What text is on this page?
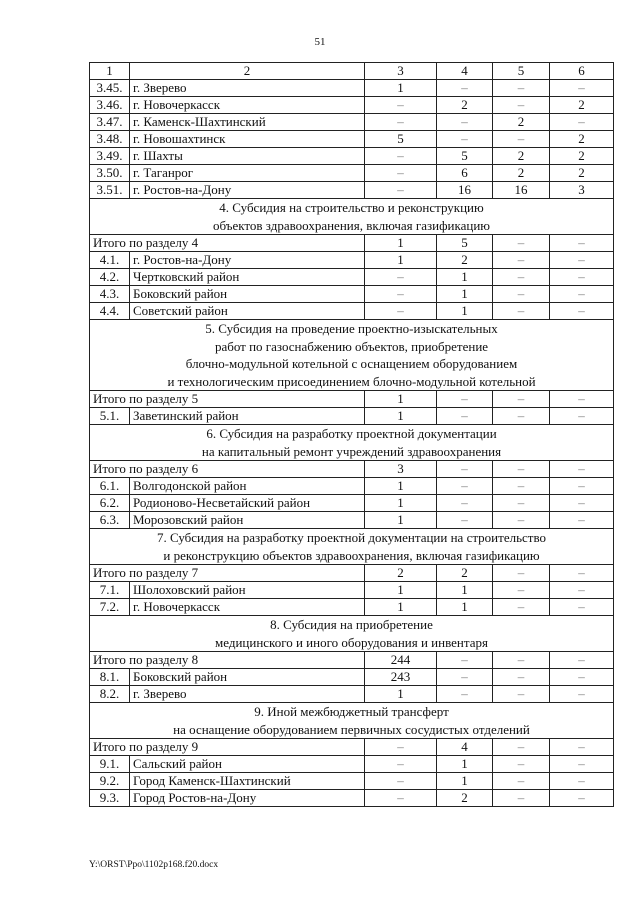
51
1	2	3	4	5	6
3.45.	г. Зверево	1	–	–	–
3.46.	г. Новочеркасск	–	2	–	2
3.47.	г. Каменск-Шахтинский	–	–	2	–
3.48.	г. Новошахтинск	5	–	–	2
3.49.	г. Шахты	–	5	2	2
3.50.	г. Таганрог	–	6	2	2
3.51.	г. Ростов-на-Дону	–	16	16	3

4. Субсидия на строительство и реконструкцию
объектов здравоохранения, включая газификацию					

Итого по разделу 4		1	5	–	–
4.1.	г. Ростов-на-Дону	1	2	–	–
4.2.	Чертковский район	–	1	–	–
4.3.	Боковский район	–	1	–	–
4.4.	Советский район	–	1	–	–

5. Субсидия на проведение проектно-изыскательных
работ по газоснабжению объектов, приобретение
блочно-модульной котельной с оснащением оборудованием
и технологическим присоединением блочно-модульной котельной					

Итого по разделу 5		1	–	–	–
5.1.	Заветинский район	1	–	–	–

6. Субсидия на разработку проектной документации
на капитальный ремонт учреждений здравоохранения					

Итого по разделу 6		3	–	–	–
6.1.	Волгодонской район	1	–	–	–
6.2.	Родионово-Несветайский район	1	–	–	–
6.3.	Морозовский район	1	–	–	–

7. Субсидия на разработку проектной документации на строительство
и реконструкцию объектов здравоохранения, включая газификацию					

Итого по разделу 7		2	2	–	–
7.1.	Шолоховский район	1	1	–	–
7.2.	г. Новочеркасск	1	1	–	–

8. Субсидия на приобретение
медицинского и иного оборудования и инвентаря					

Итого по разделу 8		244	–	–	–
8.1.	Боковский район	243	–	–	–
8.2.	г. Зверево	1	–	–	–

9. Иной межбюджетный трансферт
на оснащение оборудованием первичных сосудистых отделений					

Итого по разделу 9		–	4	–	–
9.1.	Сальский район	–	1	–	–
9.2.	Город Каменск-Шахтинский	–	1	–	–
9.3.	Город Ростов-на-Дону	–	2	–	–
Y:\ORST\Ppo\1102p168.f20.docx
